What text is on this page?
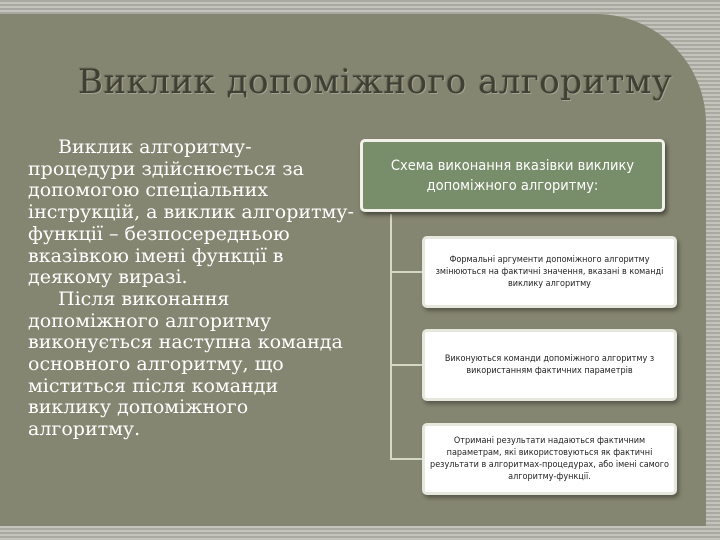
Виклик допоміжного алгоритму

Виклик алгоритму-процедури здійснюється за допомогою спеціальних інструкцій, а виклик алгоритму-функції – безпосередньою вказівкою імені функції в деякому виразі.

Після виконання допоміжного алгоритму виконується наступна команда основного алгоритму, що міститься після команди виклику допоміжного алгоритму.

Схема виконання вказівки виклику допоміжного алгоритму:
Формальні аргументи допоміжного алгоритму змінюються на фактичні значення, вказані в команді виклику алгоритму
Виконуються команди допоміжного алгоритму з використанням фактичних параметрів
Отримані результати надаються фактичним параметрам, які використовуються як фактичні результати в алгоритмах-процедурах, або імені самого алгоритму-функції.
